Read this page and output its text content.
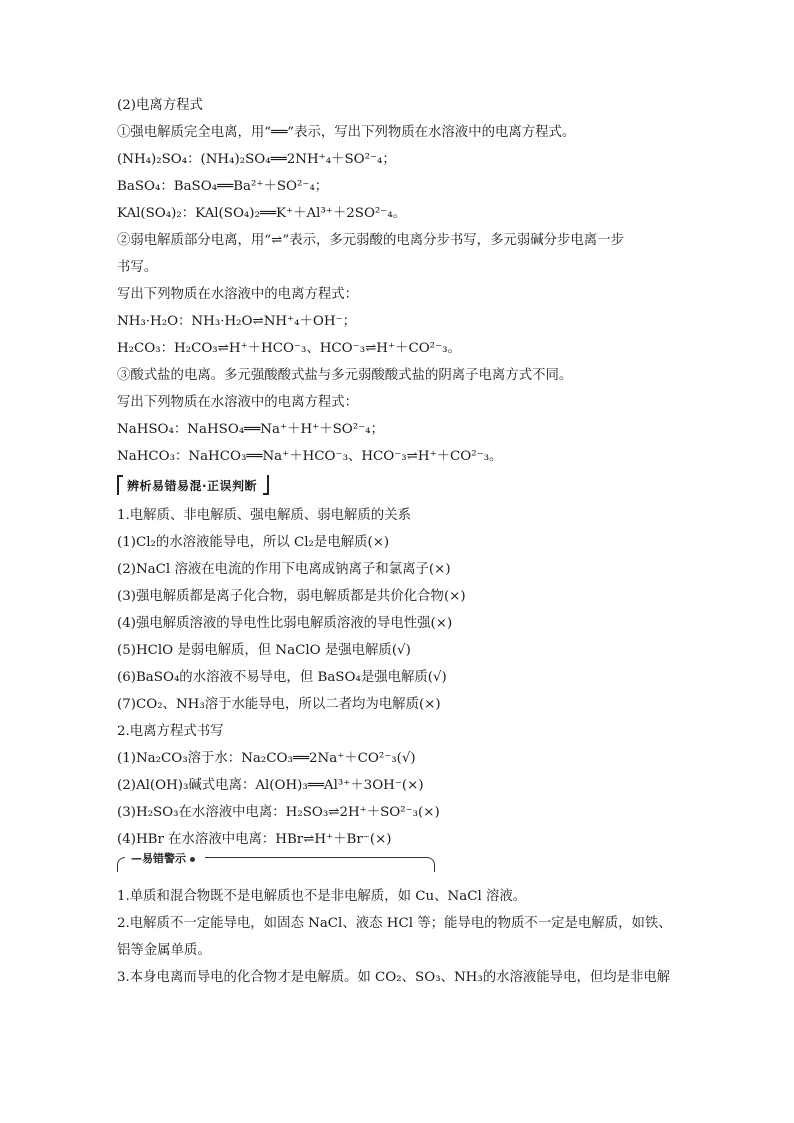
(2)电离方程式
①强电解质完全电离，用“══”表示，写出下列物质在水溶液中的电离方程式。
(NH₄)₂SO₄：(NH₄)₂SO₄══2NH⁺₄＋SO²⁻₄；
BaSO₄：BaSO₄══Ba²⁺＋SO²⁻₄；
KAl(SO₄)₂：KAl(SO₄)₂══K⁺＋Al³⁺＋2SO²⁻₄。
②弱电解质部分电离，用“⇌”表示，多元弱酸的电离分步书写，多元弱碱分步电离一步
书写。
写出下列物质在水溶液中的电离方程式：
NH₃·H₂O：NH₃·H₂O⇌NH⁺₄＋OH⁻；
H₂CO₃：H₂CO₃⇌H⁺＋HCO⁻₃、HCO⁻₃⇌H⁺＋CO²⁻₃。
③酸式盐的电离。多元强酸酸式盐与多元弱酸酸式盐的阴离子电离方式不同。
写出下列物质在水溶液中的电离方程式：
NaHSO₄：NaHSO₄══Na⁺＋H⁺＋SO²⁻₄；
NaHCO₃：NaHCO₃══Na⁺＋HCO⁻₃、HCO⁻₃⇌H⁺＋CO²⁻₃。
辨析易错易混·正误判断
1.电解质、非电解质、强电解质、弱电解质的关系
(1)Cl₂的水溶液能导电，所以 Cl₂是电解质(×)
(2)NaCl 溶液在电流的作用下电离成钠离子和氯离子(×)
(3)强电解质都是离子化合物，弱电解质都是共价化合物(×)
(4)强电解质溶液的导电性比弱电解质溶液的导电性强(×)
(5)HClO 是弱电解质，但 NaClO 是强电解质(√)
(6)BaSO₄的水溶液不易导电，但 BaSO₄是强电解质(√)
(7)CO₂、NH₃溶于水能导电，所以二者均为电解质(×)
2.电离方程式书写
(1)Na₂CO₃溶于水：Na₂CO₃══2Na⁺＋CO²⁻₃(√)
(2)Al(OH)₃碱式电离：Al(OH)₃══Al³⁺＋3OH⁻(×)
(3)H₂SO₃在水溶液中电离：H₂SO₃⇌2H⁺＋SO²⁻₃(×)
(4)HBr 在水溶液中电离：HBr⇌H⁺＋Br⁻(×)
—易错警示
1.单质和混合物既不是电解质也不是非电解质，如 Cu、NaCl 溶液。
2.电解质不一定能导电，如固态 NaCl、液态 HCl 等；能导电的物质不一定是电解质，如铁、
铝等金属单质。
3.本身电离而导电的化合物才是电解质。如 CO₂、SO₃、NH₃的水溶液能导电，但均是非电解
